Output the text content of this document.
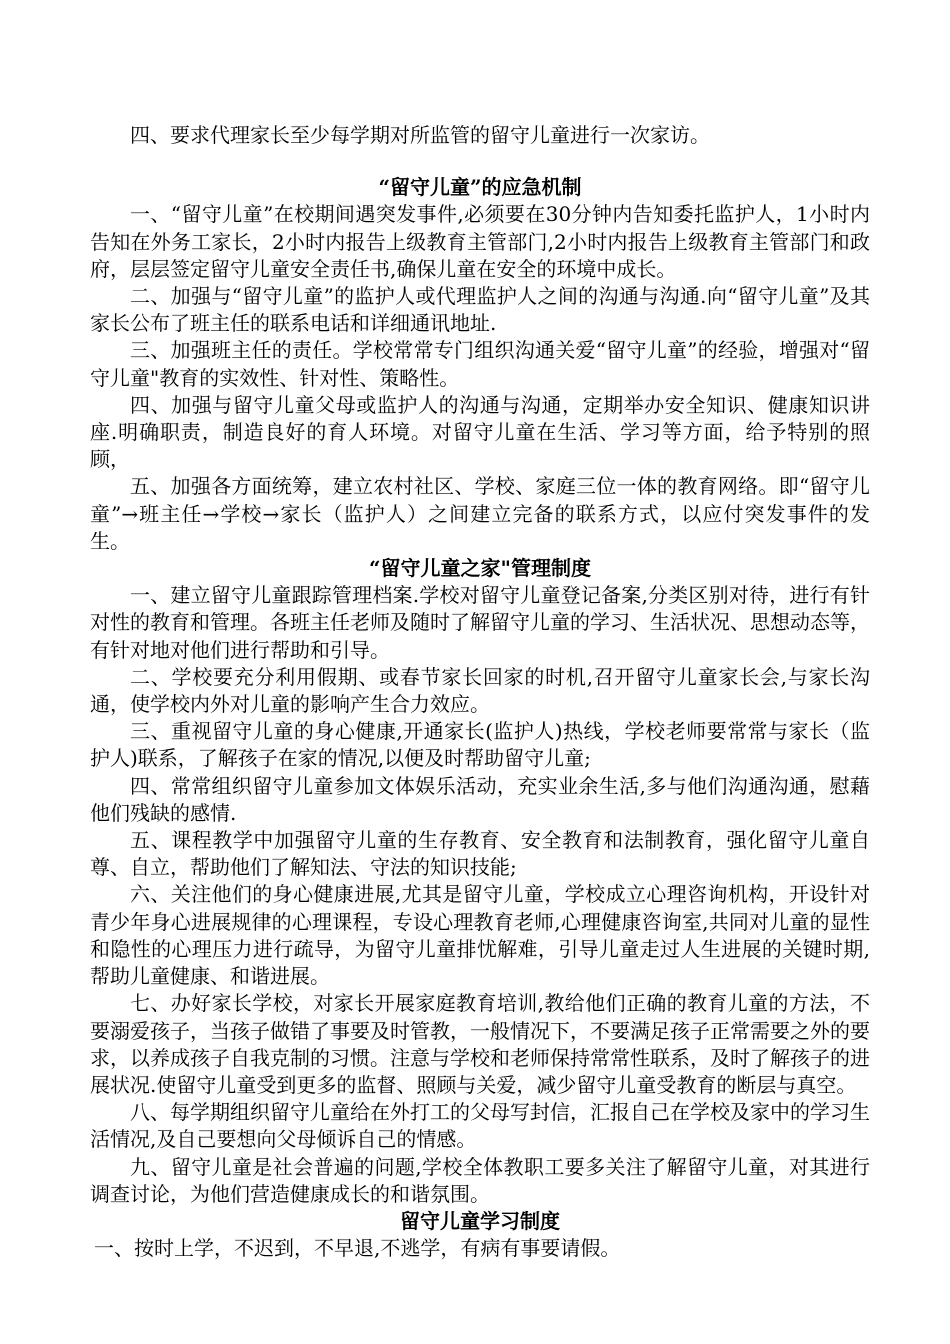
四、要求代理家长至少每学期对所监管的留守儿童进行一次家访。

“留守儿童”的应急机制

一、“留守儿童”在校期间遇突发事件,必须要在30分钟内告知委托监护人，1小时内告知在外务工家长，2小时内报告上级教育主管部门,2小时内报告上级教育主管部门和政府，层层签定留守儿童安全责任书,确保儿童在安全的环境中成长。

二、加强与“留守儿童”的监护人或代理监护人之间的沟通与沟通.向“留守儿童”及其家长公布了班主任的联系电话和详细通讯地址.

三、加强班主任的责任。学校常常专门组织沟通关爱“留守儿童”的经验，增强对“留守儿童"教育的实效性、针对性、策略性。

四、加强与留守儿童父母或监护人的沟通与沟通，定期举办安全知识、健康知识讲座.明确职责，制造良好的育人环境。对留守儿童在生活、学习等方面，给予特别的照顾，

五、加强各方面统筹，建立农村社区、学校、家庭三位一体的教育网络。即“留守儿童”→班主任→学校→家长（监护人）之间建立完备的联系方式，以应付突发事件的发生。

“留守儿童之家"管理制度

一、建立留守儿童跟踪管理档案.学校对留守儿童登记备案,分类区别对待，进行有针对性的教育和管理。各班主任老师及随时了解留守儿童的学习、生活状况、思想动态等，有针对地对他们进行帮助和引导。

二、学校要充分利用假期、或春节家长回家的时机,召开留守儿童家长会,与家长沟通，使学校内外对儿童的影响产生合力效应。

三、重视留守儿童的身心健康,开通家长(监护人)热线，学校老师要常常与家长（监护人)联系，了解孩子在家的情况,以便及时帮助留守儿童;

四、常常组织留守儿童参加文体娱乐活动，充实业余生活,多与他们沟通沟通，慰藉他们残缺的感情.

五、课程教学中加强留守儿童的生存教育、安全教育和法制教育，强化留守儿童自尊、自立，帮助他们了解知法、守法的知识技能;

六、关注他们的身心健康进展,尤其是留守儿童，学校成立心理咨询机构，开设针对青少年身心进展规律的心理课程，专设心理教育老师,心理健康咨询室,共同对儿童的显性和隐性的心理压力进行疏导，为留守儿童排忧解难，引导儿童走过人生进展的关键时期,帮助儿童健康、和谐进展。

七、办好家长学校，对家长开展家庭教育培训,教给他们正确的教育儿童的方法，不要溺爱孩子，当孩子做错了事要及时管教，一般情况下，不要满足孩子正常需要之外的要求，以养成孩子自我克制的习惯。注意与学校和老师保持常常性联系，及时了解孩子的进展状况.使留守儿童受到更多的监督、照顾与关爱，减少留守儿童受教育的断层与真空。

八、每学期组织留守儿童给在外打工的父母写封信，汇报自己在学校及家中的学习生活情况,及自己要想向父母倾诉自己的情感。

九、留守儿童是社会普遍的问题,学校全体教职工要多关注了解留守儿童，对其进行调查讨论，为他们营造健康成长的和谐氛围。

留守儿童学习制度

一、按时上学，不迟到，不早退,不逃学，有病有事要请假。
